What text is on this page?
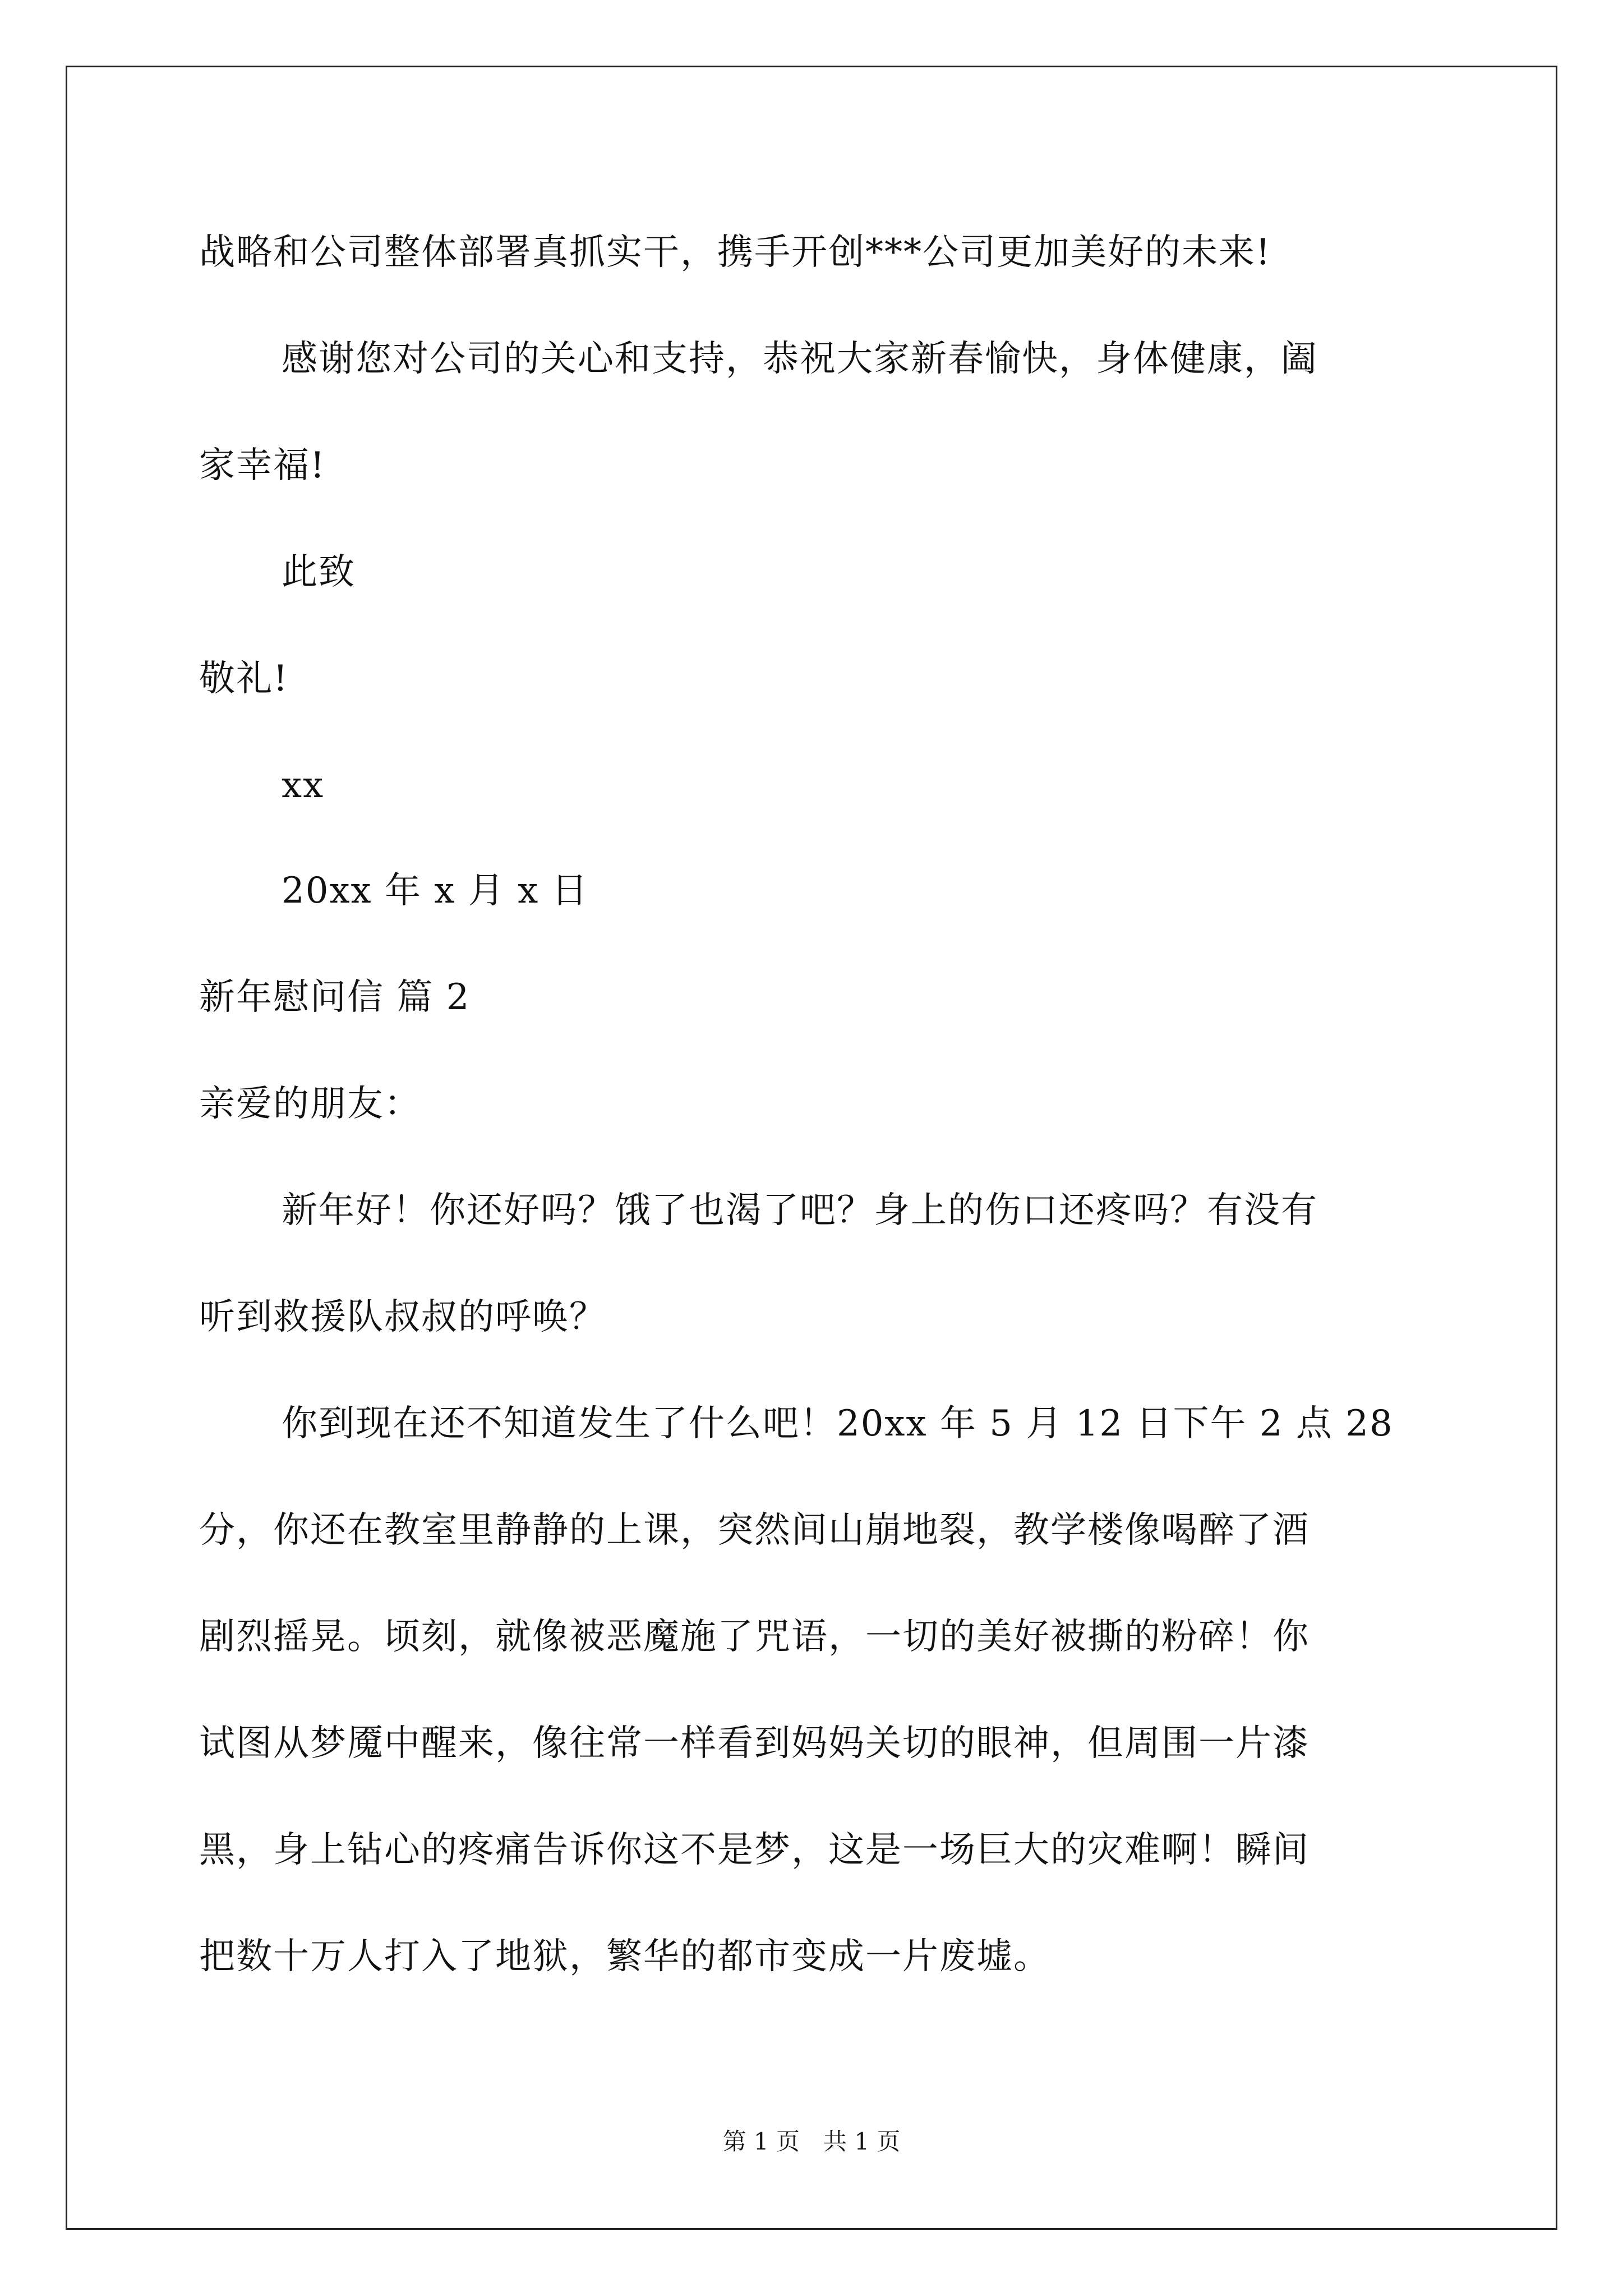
战略和公司整体部署真抓实干，携手开创***公司更加美好的未来!
感谢您对公司的关心和支持，恭祝大家新春愉快，身体健康，阖
家幸福!
此致
敬礼!
xx
20xx 年 x 月 x 日
新年慰问信 篇 2
亲爱的朋友：
新年好！你还好吗？饿了也渴了吧？身上的伤口还疼吗？有没有
听到救援队叔叔的呼唤？
你到现在还不知道发生了什么吧！20xx 年 5 月 12 日下午 2 点 28
分，你还在教室里静静的上课，突然间山崩地裂，教学楼像喝醉了酒
剧烈摇晃。顷刻，就像被恶魔施了咒语，一切的美好被撕的粉碎！你
试图从梦魇中醒来，像往常一样看到妈妈关切的眼神，但周围一片漆
黑，身上钻心的疼痛告诉你这不是梦，这是一场巨大的灾难啊！瞬间
把数十万人打入了地狱，繁华的都市变成一片废墟。
第 1 页　共 1 页
